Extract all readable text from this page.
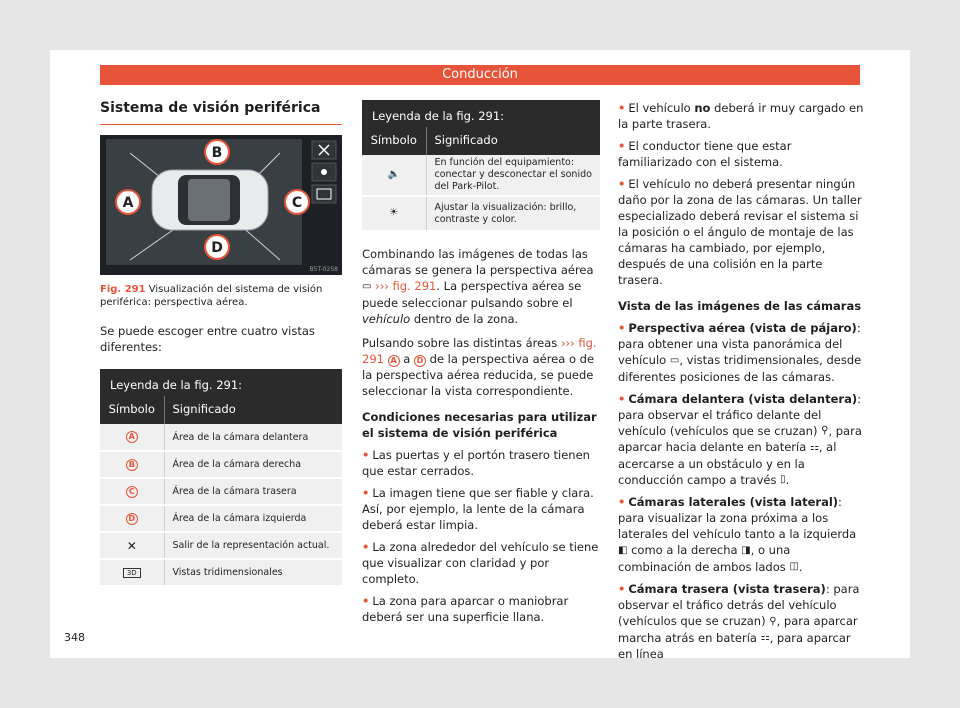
Conducción
Sistema de visión periférica
B
A	C
D
B5T-0258
Fig. 291 Visualización del sistema de visión periférica: perspectiva aérea.

Se puede escoger entre cuatro vistas diferentes:

Leyenda de la fig. 291:
Símbolo	Significado
A	Área de la cámara delantera
B	Área de la cámara derecha
C	Área de la cámara trasera
D	Área de la cámara izquierda
✕	Salir de la representación actual.
3D	Vistas tridimensionales
Leyenda de la fig. 291:
Símbolo	Significado
🔈	En función del equipamiento: conectar y desconectar el sonido del Park-Pilot.
☀	Ajustar la visualización: brillo, contraste y color.

Combinando las imágenes de todas las cámaras se genera la perspectiva aérea ▭ ››› fig. 291. La perspectiva aérea se puede seleccionar pulsando sobre el vehículo dentro de la zona.

Pulsando sobre las distintas áreas ››› fig. 291 A a D de la perspectiva aérea o de la perspectiva aérea reducida, se puede seleccionar la vista correspondiente.

Condiciones necesarias para utilizar el sistema de visión periférica
• Las puertas y el portón trasero tienen que estar cerrados.
• La imagen tiene que ser fiable y clara. Así, por ejemplo, la lente de la cámara deberá estar limpia.
• La zona alrededor del vehículo se tiene que visualizar con claridad y por completo.
• La zona para aparcar o maniobrar deberá ser una superficie llana.
• El vehículo no deberá ir muy cargado en la parte trasera.
• El conductor tiene que estar familiarizado con el sistema.
• El vehículo no deberá presentar ningún daño por la zona de las cámaras. Un taller especializado deberá revisar el sistema si la posición o el ángulo de montaje de las cámaras ha cambiado, por ejemplo, después de una colisión en la parte trasera.
Vista de las imágenes de las cámaras
• Perspectiva aérea (vista de pájaro): para obtener una vista panorámica del vehículo ▭, vistas tridimensionales, desde diferentes posiciones de las cámaras.
• Cámara delantera (vista delantera): para observar el tráfico delante del vehículo (vehículos que se cruzan) ⚲, para aparcar hacia delante en batería ⚏, al acercarse a un obstáculo y en la conducción campo a través ▯.
• Cámaras laterales (vista lateral): para visualizar la zona próxima a los laterales del vehículo tanto a la izquierda ◧ como a la derecha ◨, o una combinación de ambos lados ◫.
• Cámara trasera (vista trasera): para observar el tráfico detrás del vehículo (vehículos que se cruzan) ⚲, para aparcar marcha atrás en batería ⚏, para aparcar en línea
348
